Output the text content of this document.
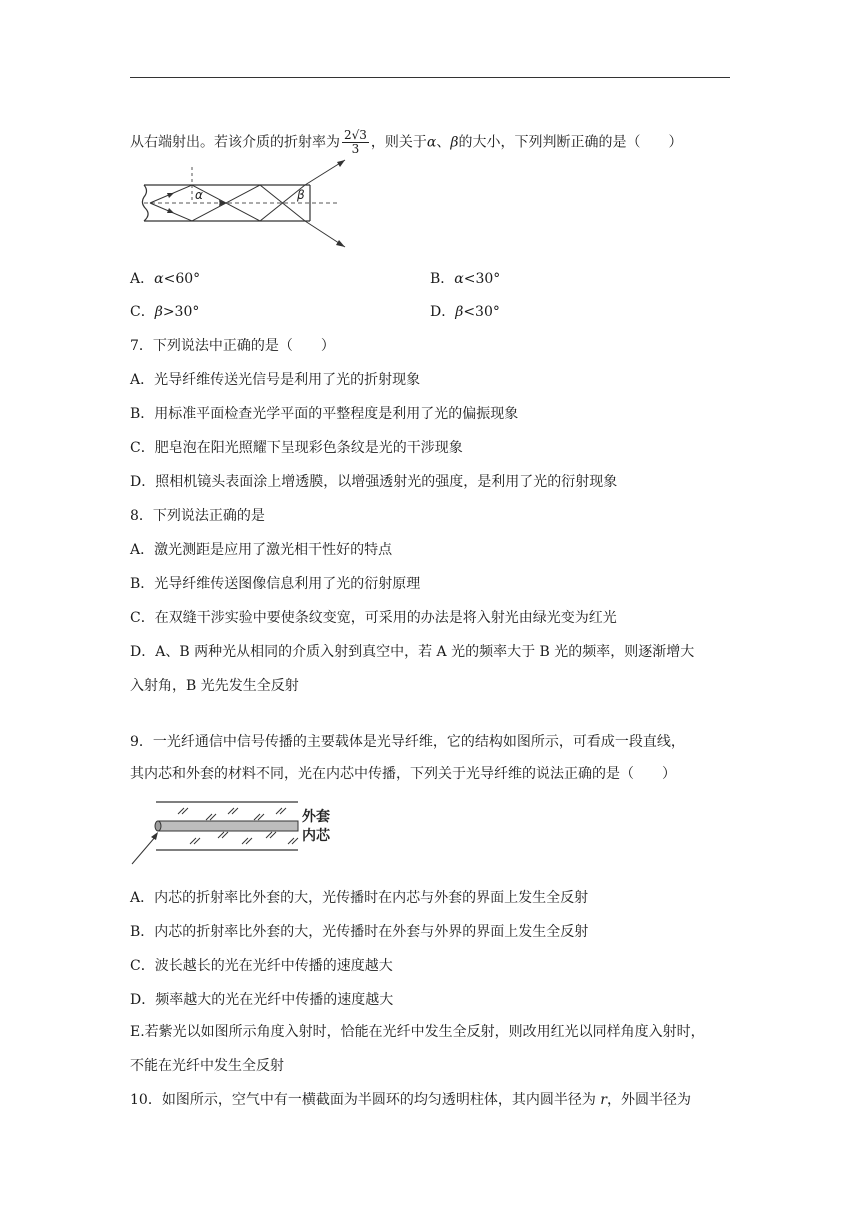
从右端射出。若该介质的折射率为 $\frac{2√3}{3}$ ，则关于α、β的大小，下列判断正确的是（　　）
α	β
A．α<60°	B．α<30°
C．β>30°	D．β<30°
7．下列说法中正确的是（　　）
A．光导纤维传送光信号是利用了光的折射现象
B．用标准平面检查光学平面的平整程度是利用了光的偏振现象
C．肥皂泡在阳光照耀下呈现彩色条纹是光的干涉现象
D．照相机镜头表面涂上增透膜，以增强透射光的强度，是利用了光的衍射现象
8．下列说法正确的是
A．激光测距是应用了激光相干性好的特点
B．光导纤维传送图像信息利用了光的衍射原理
C．在双缝干涉实验中要使条纹变宽，可采用的办法是将入射光由绿光变为红光
D．A、B 两种光从相同的介质入射到真空中，若 A 光的频率大于 B 光的频率，则逐渐增大
入射角，B 光先发生全反射
9．一光纤通信中信号传播的主要载体是光导纤维，它的结构如图所示，可看成一段直线，
其内芯和外套的材料不同，光在内芯中传播，下列关于光导纤维的说法正确的是（　　）
外套
内芯
A．内芯的折射率比外套的大，光传播时在内芯与外套的界面上发生全反射
B．内芯的折射率比外套的大，光传播时在外套与外界的界面上发生全反射
C．波长越长的光在光纤中传播的速度越大
D．频率越大的光在光纤中传播的速度越大
E.若紫光以如图所示角度入射时，恰能在光纤中发生全反射，则改用红光以同样角度入射时，
不能在光纤中发生全反射
10．如图所示，空气中有一横截面为半圆环的均匀透明柱体，其内圆半径为 r，外圆半径为
